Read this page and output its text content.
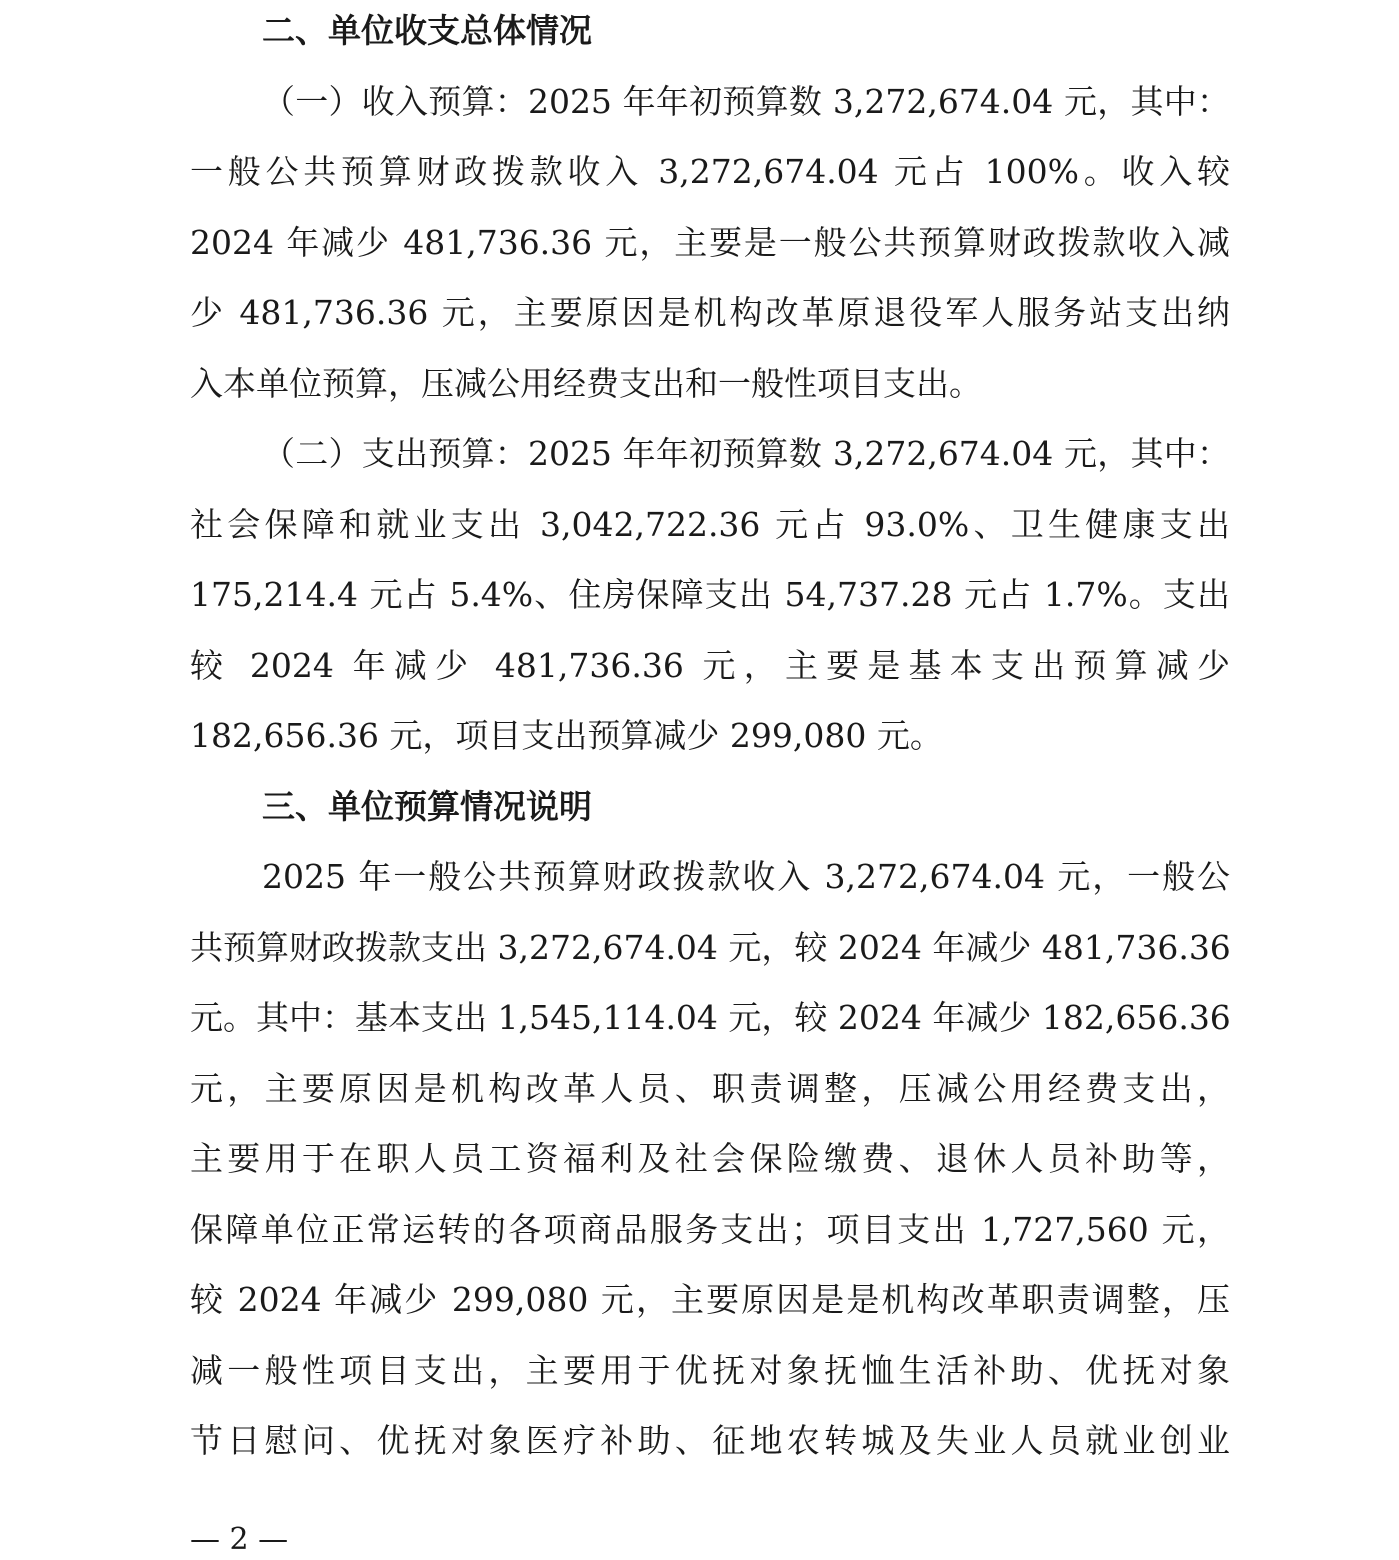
二、单位收支总体情况
（一）收入预算：2025 年年初预算数 3,272,674.04 元，其中：
一般公共预算财政拨款收入 3,272,674.04 元占 100%。收入较
2024 年减少 481,736.36 元，主要是一般公共预算财政拨款收入减
少 481,736.36 元，主要原因是机构改革原退役军人服务站支出纳
入本单位预算，压减公用经费支出和一般性项目支出。
（二）支出预算：2025 年年初预算数 3,272,674.04 元，其中：
社会保障和就业支出 3,042,722.36 元占 93.0%、卫生健康支出
175,214.4 元占 5.4%、住房保障支出 54,737.28 元占 1.7%。支出
较 2024 年减少 481,736.36 元，主要是基本支出预算减少
182,656.36 元，项目支出预算减少 299,080 元。
三、单位预算情况说明
2025 年一般公共预算财政拨款收入 3,272,674.04 元，一般公
共预算财政拨款支出 3,272,674.04 元，较 2024 年减少 481,736.36
元。其中：基本支出 1,545,114.04 元，较 2024 年减少 182,656.36
元，主要原因是机构改革人员、职责调整，压减公用经费支出，
主要用于在职人员工资福利及社会保险缴费、退休人员补助等，
保障单位正常运转的各项商品服务支出；项目支出 1,727,560 元，
较 2024 年减少 299,080 元，主要原因是是机构改革职责调整，压
减一般性项目支出，主要用于优抚对象抚恤生活补助、优抚对象
节日慰问、优抚对象医疗补助、征地农转城及失业人员就业创业
— 2 —
